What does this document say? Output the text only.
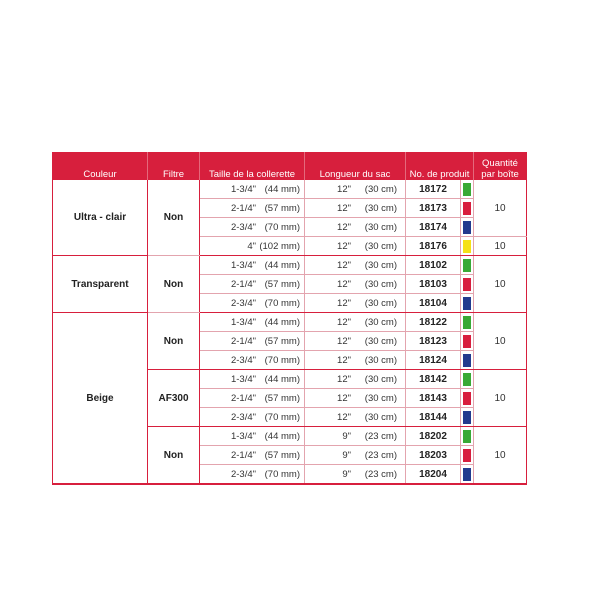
Couleur	Filtre	Taille de la collerette	Longueur du sac	No. de produit		Quantité par boîte
Ultra - clair	Non	1-3/4" (44 mm)	12" (30 cm)	18172		10
		2-1/4" (57 mm)	12" (30 cm)	18173		

		2-3/4" (70 mm)	12" (30 cm)	18174		

		4" (102 mm)	12" (30 cm)	18176		10
Transparent	Non	1-3/4" (44 mm)	12" (30 cm)	18102		10
		2-1/4" (57 mm)	12" (30 cm)	18103		

		2-3/4" (70 mm)	12" (30 cm)	18104		

Beige	Non	1-3/4" (44 mm)	12" (30 cm)	18122		10
		2-1/4" (57 mm)	12" (30 cm)	18123		

		2-3/4" (70 mm)	12" (30 cm)	18124		

	AF300	1-3/4" (44 mm)	12" (30 cm)	18142		10
		2-1/4" (57 mm)	12" (30 cm)	18143		

		2-3/4" (70 mm)	12" (30 cm)	18144		

	Non	1-3/4" (44 mm)	9" (23 cm)	18202		10
		2-1/4" (57 mm)	9" (23 cm)	18203		

		2-3/4" (70 mm)	9" (23 cm)	18204		
